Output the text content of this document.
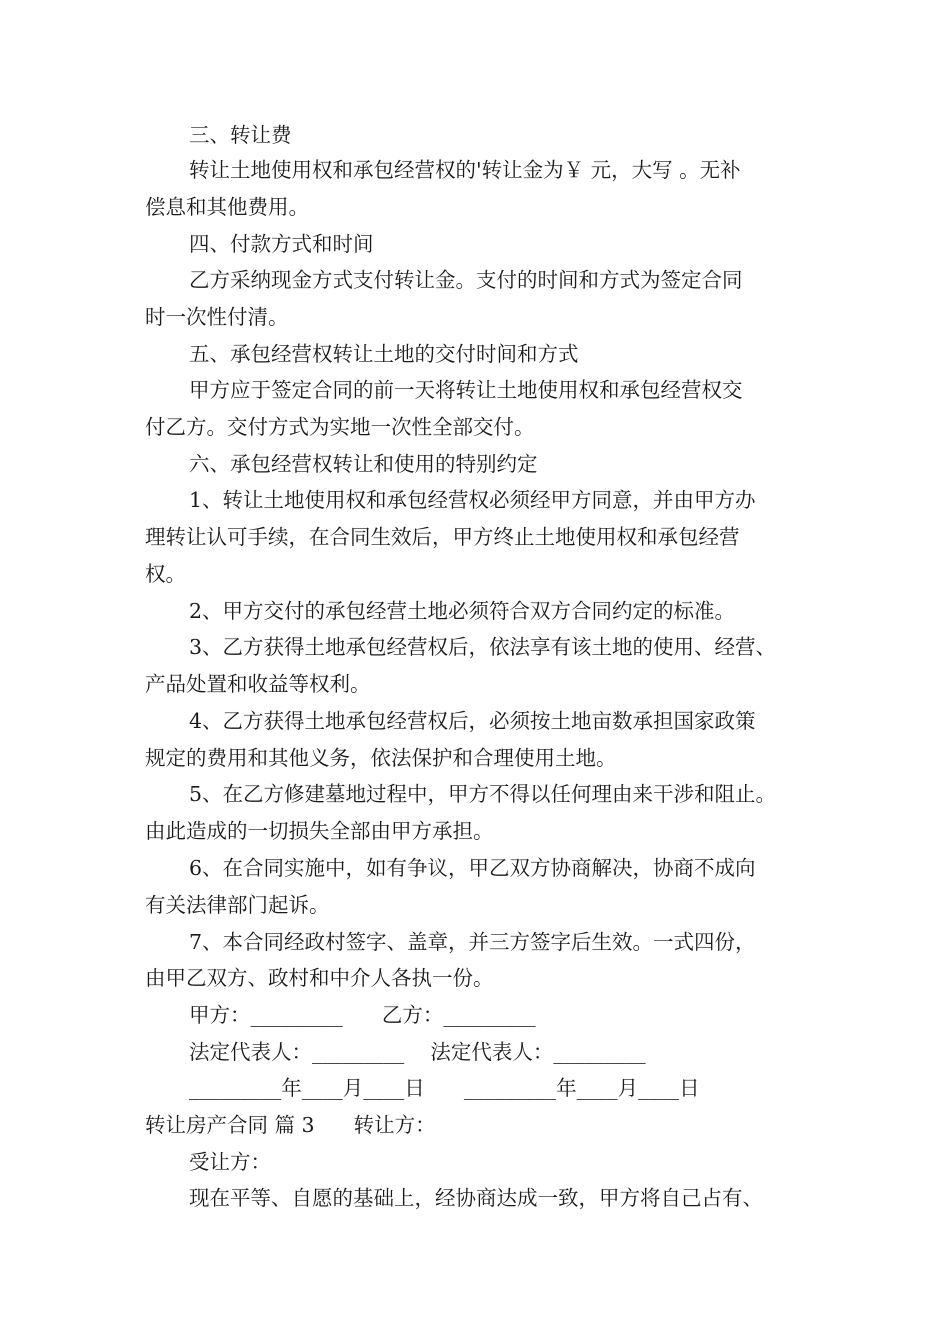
三、转让费
转让土地使用权和承包经营权的'转让金为￥ 元，大写 。无补
偿息和其他费用。
四、付款方式和时间
乙方采纳现金方式支付转让金。支付的时间和方式为签定合同
时一次性付清。
五、承包经营权转让土地的交付时间和方式
甲方应于签定合同的前一天将转让土地使用权和承包经营权交
付乙方。交付方式为实地一次性全部交付。
六、承包经营权转让和使用的特别约定
1、转让土地使用权和承包经营权必须经甲方同意，并由甲方办
理转让认可手续，在合同生效后，甲方终止土地使用权和承包经营
权。
2、甲方交付的承包经营土地必须符合双方合同约定的标准。
3、乙方获得土地承包经营权后，依法享有该土地的使用、经营、
产品处置和收益等权利。
4、乙方获得土地承包经营权后，必须按土地亩数承担国家政策
规定的费用和其他义务，依法保护和合理使用土地。
5、在乙方修建墓地过程中，甲方不得以任何理由来干涉和阻止。
由此造成的一切损失全部由甲方承担。
6、在合同实施中，如有争议，甲乙双方协商解决，协商不成向
有关法律部门起诉。
7、本合同经政村签字、盖章，并三方签字后生效。一式四份，
由甲乙双方、政村和中介人各执一份。
甲方：_________      乙方：_________
法定代表人：_________    法定代表人：_________
_________年____月____日      _________年____月____日
转让房产合同 篇 3      转让方：
受让方：
现在平等、自愿的基础上，经协商达成一致，甲方将自己占有、
